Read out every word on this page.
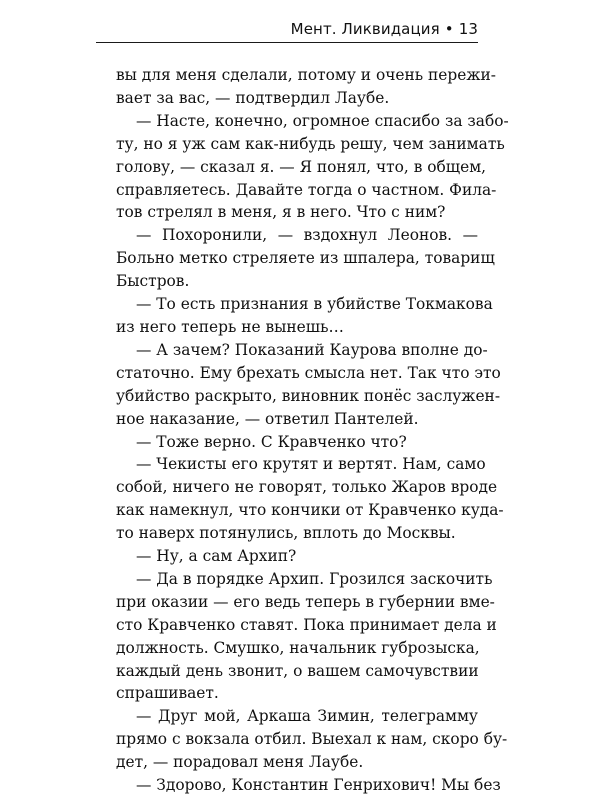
Мент. Ликвидация • 13

вы для меня сделали, потому и очень пережи-
вает за вас, — подтвердил Лаубе.

— Насте, конечно, огромное спасибо за забо-
ту, но я уж сам как-нибудь решу, чем занимать
голову, — сказал я. — Я понял, что, в общем,
справляетесь. Давайте тогда о частном. Фила-
тов стрелял в меня, я в него. Что с ним?

— Похоронили, — вздохнул Леонов. —
Больно метко стреляете из шпалера, товарищ
Быстров.

— То есть признания в убийстве Токмакова
из него теперь не вынешь…

— А зачем? Показаний Каурова вполне до-
статочно. Ему брехать смысла нет. Так что это
убийство раскрыто, виновник понёс заслужен-
ное наказание, — ответил Пантелей.

— Тоже верно. С Кравченко что?

— Чекисты его крутят и вертят. Нам, само
собой, ничего не говорят, только Жаров вроде
как намекнул, что кончики от Кравченко куда-
то наверх потянулись, вплоть до Москвы.

— Ну, а сам Архип?

— Да в порядке Архип. Грозился заскочить
при оказии — его ведь теперь в губернии вме-
сто Кравченко ставят. Пока принимает дела и
должность. Смушко, начальник губрозыска,
каждый день звонит, о вашем самочувствии
спрашивает.

— Друг мой, Аркаша Зимин, телеграмму
прямо с вокзала отбил. Выехал к нам, скоро бу-
дет, — порадовал меня Лаубе.

— Здорово, Константин Генрихович! Мы без
